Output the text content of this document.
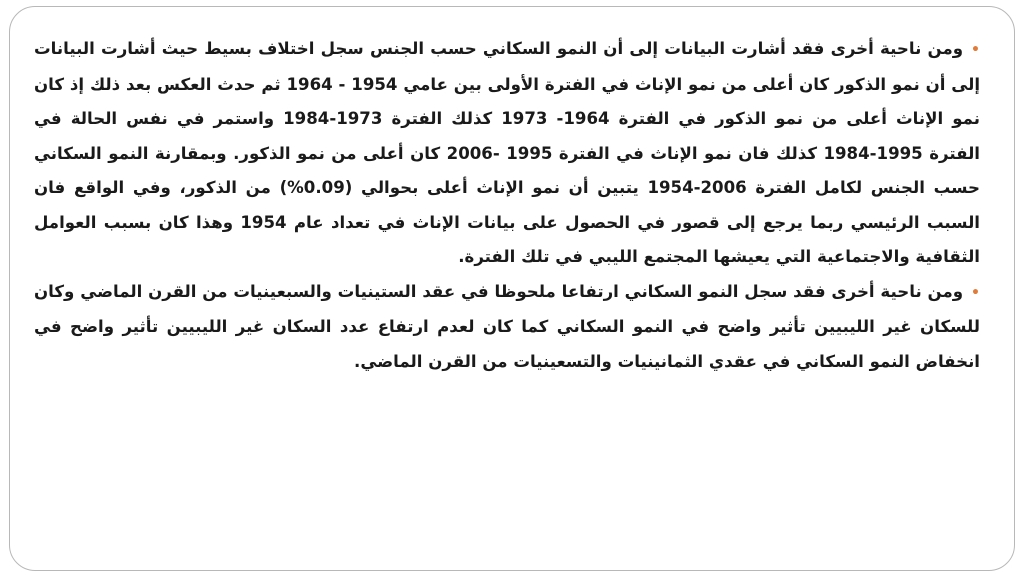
•ومن ناحية أخرى فقد أشارت البيانات إلى أن النمو السكاني حسب الجنس سجل اختلاف بسيط حيث أشارت البيانات إلى أن نمو الذكور كان أعلى من نمو الإناث في الفترة الأولى بين عامي 1954 - 1964 ثم حدث العكس بعد ذلك إذ كان نمو الإناث أعلى من نمو الذكور في الفترة 1964- 1973 كذلك الفترة 1973-1984 واستمر في نفس الحالة في الفترة 1995-1984 كذلك فان نمو الإناث في الفترة 1995 -2006 كان أعلى من نمو الذكور. وبمقارنة النمو السكاني حسب الجنس لكامل الفترة 2006-1954 يتبين أن نمو الإناث أعلى بحوالي (0.09%) من الذكور، وفي الواقع فان السبب الرئيسي ربما يرجع إلى قصور في الحصول على بيانات الإناث في تعداد عام 1954 وهذا كان بسبب العوامل الثقافية والاجتماعية التي يعيشها المجتمع الليبي في تلك الفترة.

•ومن ناحية أخرى فقد سجل النمو السكاني ارتفاعا ملحوظا في عقد الستينيات والسبعينيات من القرن الماضي وكان للسكان غير الليبيين تأثير واضح في النمو السكاني كما كان لعدم ارتفاع عدد السكان غير الليبيين تأثير واضح في انخفاض النمو السكاني في عقدي الثمانينيات والتسعينيات من القرن الماضي.
